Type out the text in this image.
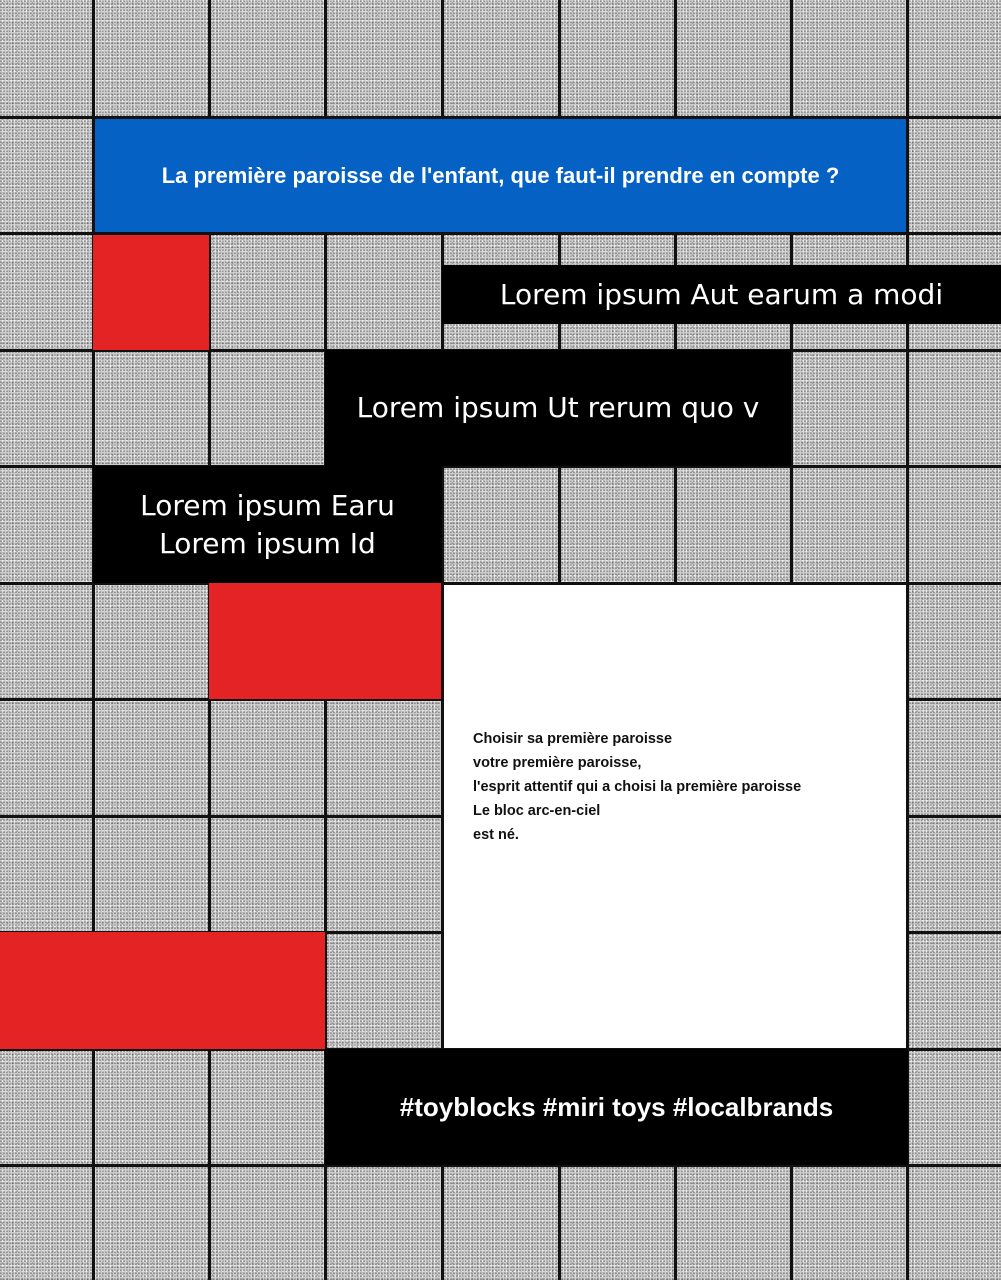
La première paroisse de l'enfant, que faut-il prendre en compte ?
Lorem ipsum Aut earum a modi
Lorem ipsum Ut rerum quo v
Lorem ipsum Earu
Lorem ipsum Id
Choisir sa première paroisse
votre première paroisse,
l'esprit attentif qui a choisi la première paroisse
Le bloc arc-en-ciel
est né.
#toyblocks #miri toys #localbrands
